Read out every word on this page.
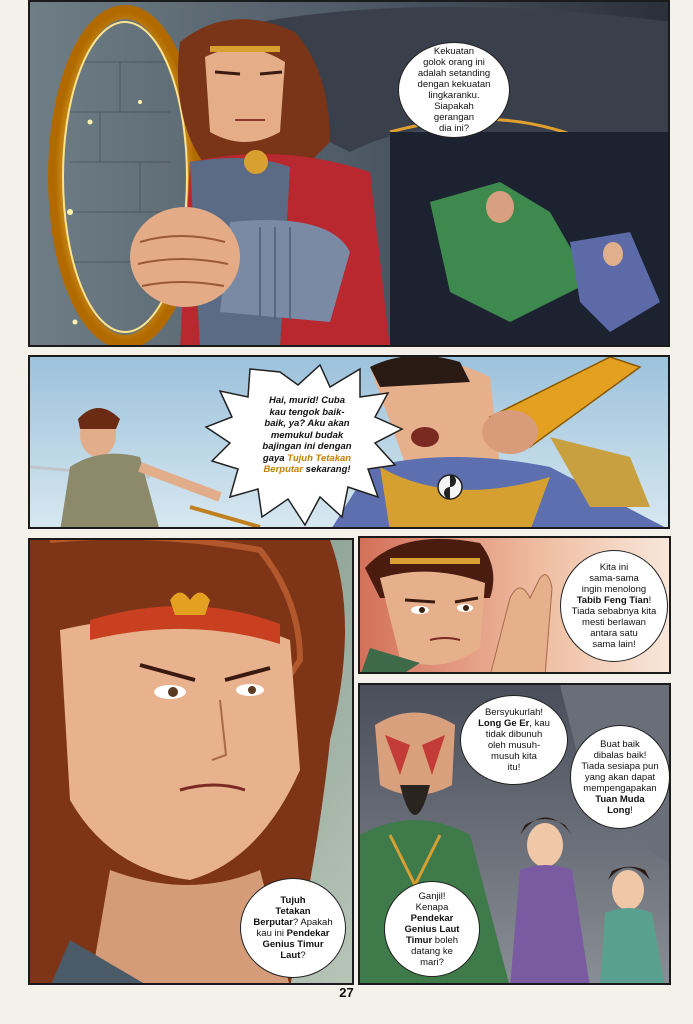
Kekuatan
golok orang ini
adalah setanding
dengan kekuatan
lingkaranku. Siapakah
gerangan
dia ini?

Hai, murid! Cuba
kau tengok baik-
baik, ya? Aku akan
memukul budak
bajingan ini dengan
gaya Tujuh Tetakan
Berputar sekarang!

Tujuh
Tetakan
Berputar? Apakah
kau ini Pendekar
Genius Timur
Laut?

Kita ini
sama-sama
ingin menolong
Tabib Feng Tian!
Tiada sebabnya kita
mesti berlawan
antara satu
sama lain!

Bersyukurlah!
Long Ge Er, kau
tidak dibunuh
oleh musuh-
musuh kita
itu!

Buat baik
dibalas baik!
Tiada sesiapa pun
yang akan dapat
mempengapakan
Tuan Muda
Long!

Ganjil!
Kenapa
Pendekar
Genius Laut
Timur boleh
datang ke
mari?

27
